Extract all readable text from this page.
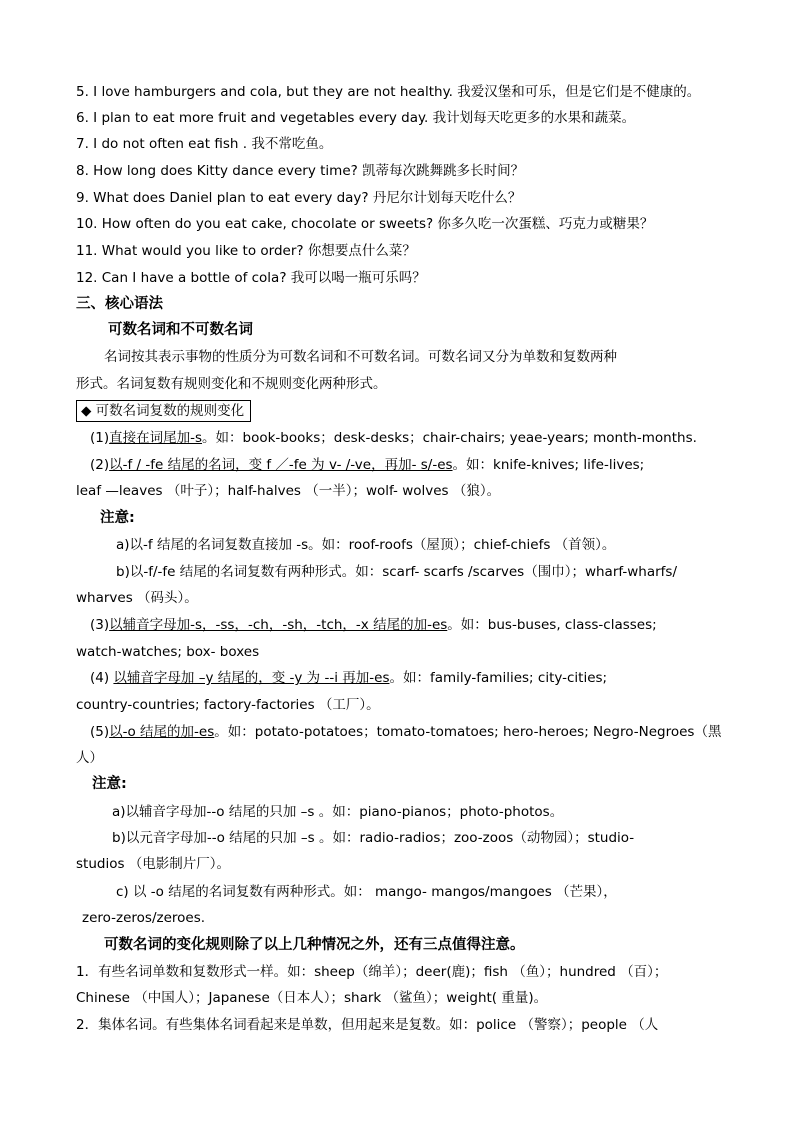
5. I love hamburgers and cola, but they are not healthy. 我爱汉堡和可乐，但是它们是不健康的。
6. I plan to eat more fruit and vegetables every day. 我计划每天吃更多的水果和蔬菜。
7. I do not often eat fish . 我不常吃鱼。
8. How long does Kitty dance every time? 凯蒂每次跳舞跳多长时间？
9. What does Daniel plan to eat every day? 丹尼尔计划每天吃什么？
10. How often do you eat cake, chocolate or sweets? 你多久吃一次蛋糕、巧克力或糖果？
11. What would you like to order? 你想要点什么菜？
12. Can I have a bottle of cola? 我可以喝一瓶可乐吗？
三、核心语法
可数名词和不可数名词
名词按其表示事物的性质分为可数名词和不可数名词。可数名词又分为单数和复数两种
形式。名词复数有规则变化和不规则变化两种形式。
◆ 可数名词复数的规则变化
(1)直接在词尾加-s。如：book-books；desk-desks；chair-chairs; yeae-years; month-months.
(2)以-f / -fe 结尾的名词，变 f ／-fe 为 v- /-ve，再加- s/-es。如：knife-knives; life-lives;
leaf —leaves （叶子）；half-halves （一半）；wolf- wolves （狼）。
注意:
a)以-f 结尾的名词复数直接加 -s。如：roof-roofs（屋顶）；chief-chiefs （首领）。
b)以-f/-fe 结尾的名词复数有两种形式。如：scarf- scarfs /scarves（围巾）；wharf-wharfs/
wharves （码头）。
(3)以辅音字母加-s，-ss，-ch，-sh，-tch，-x 结尾的加-es。如：bus-buses, class-classes;
watch-watches; box- boxes
(4) 以辅音字母加 –y 结尾的，变 -y 为 --i 再加-es。如：family-families; city-cities;
country-countries; factory-factories （工厂）。
(5)以-o 结尾的加-es。如：potato-potatoes；tomato-tomatoes; hero-heroes; Negro-Negroes（黑
人）
注意:
a)以辅音字母加--o 结尾的只加 –s 。如：piano-pianos；photo-photos。
b)以元音字母加--o 结尾的只加 –s 。如：radio-radios；zoo-zoos（动物园）；studio-
studios （电影制片厂）。
c) 以 -o 结尾的名词复数有两种形式。如： mango- mangos/mangoes （芒果），
zero-zeros/zeroes.
可数名词的变化规则除了以上几种情况之外，还有三点值得注意。
1．有些名词单数和复数形式一样。如：sheep（绵羊）；deer(鹿)；fish （鱼）；hundred （百）；
Chinese （中国人）；Japanese（日本人）；shark （鲨鱼）；weight( 重量)。
2．集体名词。有些集体名词看起来是单数，但用起来是复数。如：police （警察）；people （人
